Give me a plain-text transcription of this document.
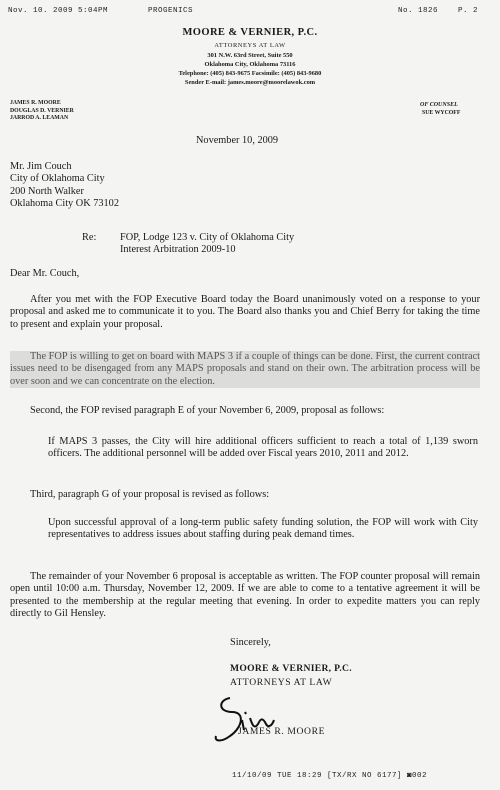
Nov. 10. 2009 5:04PM	PROGENICS	No. 1826	P. 2
MOORE & VERNIER, P.C.
ATTORNEYS AT LAW
301 N.W. 63rd Street, Suite 550
Oklahoma City, Oklahoma 73116
Telephone: (405) 843-9675 Facsimile: (405) 843-9680
Sender E-mail: james.moore@moorelawok.com
JAMES R. MOORE
DOUGLAS D. VERNIER
JARROD A. LEAMAN
OF COUNSEL
SUE WYCOFF
November 10, 2009
Mr. Jim Couch
City of Oklahoma City
200 North Walker
Oklahoma City OK 73102
Re: FOP, Lodge 123 v. City of Oklahoma City
Interest Arbitration 2009-10
Dear Mr. Couch,
After you met with the FOP Executive Board today the Board unanimously voted on a response to your proposal and asked me to communicate it to you. The Board also thanks you and Chief Berry for taking the time to present and explain your proposal.
The FOP is willing to get on board with MAPS 3 if a couple of things can be done. First, the current contract issues need to be disengaged from any MAPS proposals and stand on their own. The arbitration process will be over soon and we can concentrate on the election.
Second, the FOP revised paragraph E of your November 6, 2009, proposal as follows:
If MAPS 3 passes, the City will hire additional officers sufficient to reach a total of 1,139 sworn officers. The additional personnel will be added over Fiscal years 2010, 2011 and 2012.
Third, paragraph G of your proposal is revised as follows:
Upon successful approval of a long-term public safety funding solution, the FOP will work with City representatives to address issues about staffing during peak demand times.
The remainder of your November 6 proposal is acceptable as written. The FOP counter proposal will remain open until 10:00 a.m. Thursday, November 12, 2009. If we are able to come to a tentative agreement it will be presented to the membership at the regular meeting that evening. In order to expedite matters you can reply directly to Gil Hensley.
Sincerely,
MOORE & VERNIER, P.C.
ATTORNEYS AT LAW
JAMES R. MOORE
11/10/09 TUE 18:29 [TX/RX NO 6177] ◙002
